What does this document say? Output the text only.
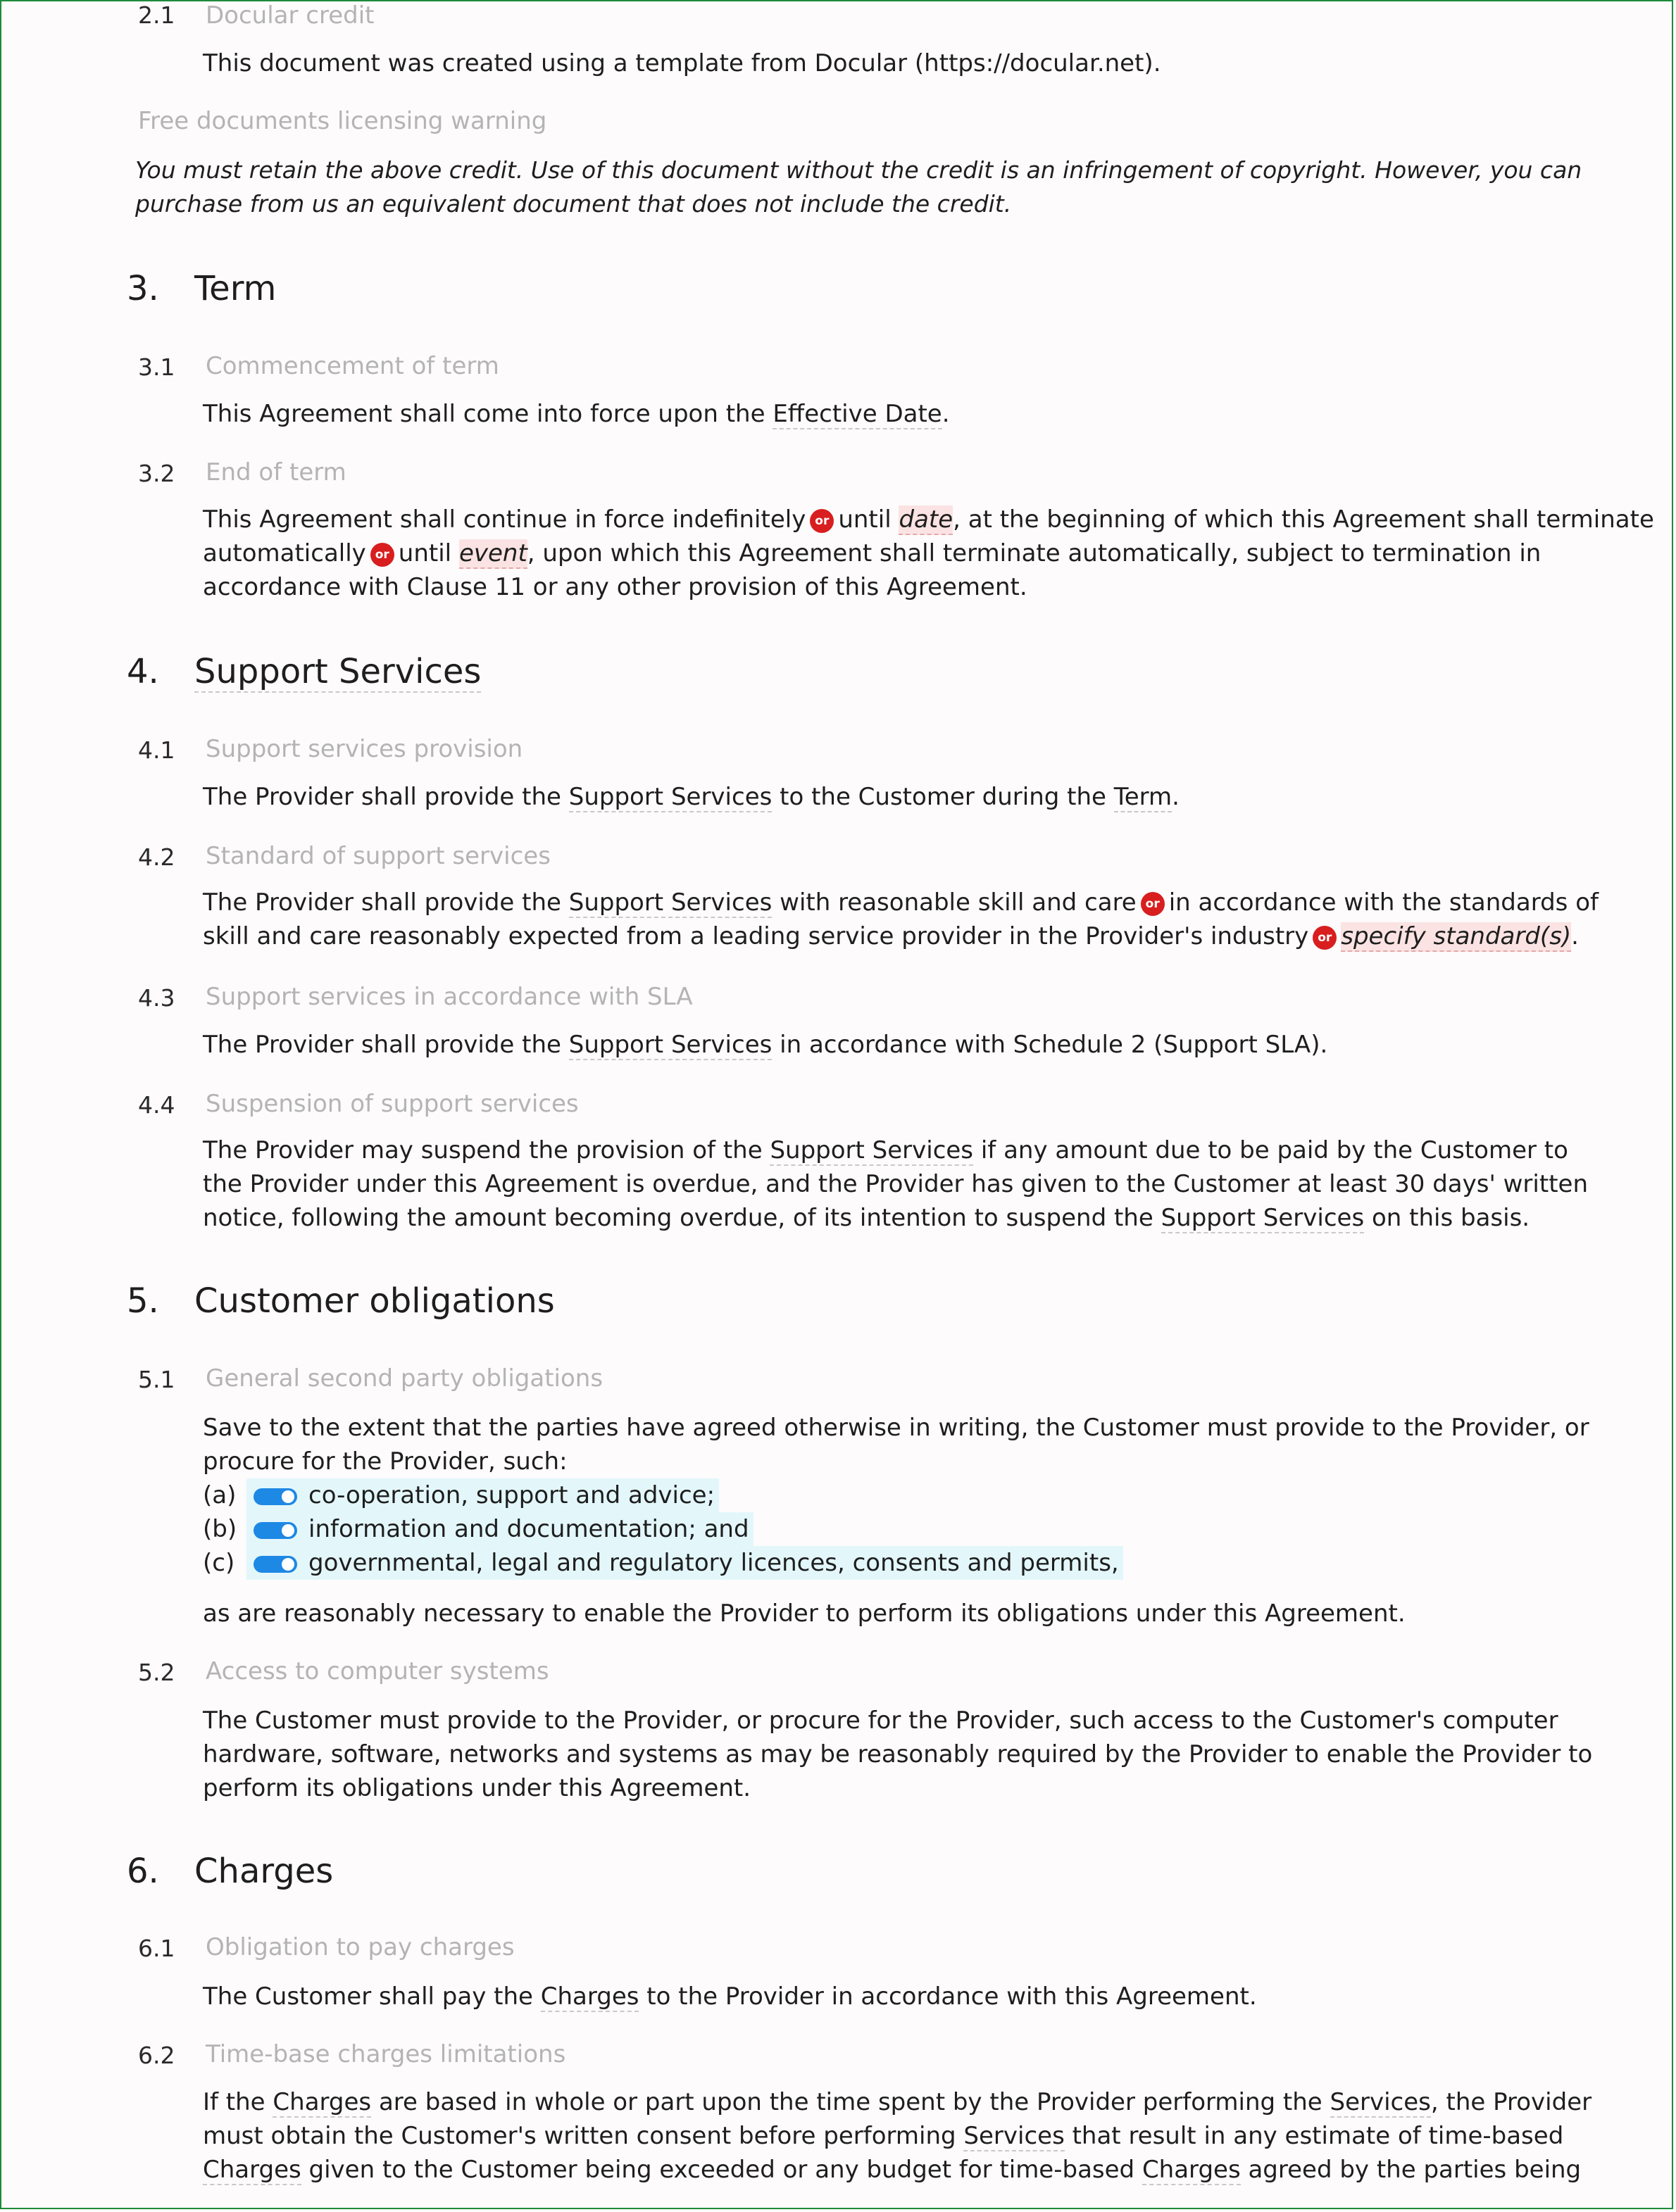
2.1 Docular credit
This document was created using a template from Docular (https://docular.net).
Free documents licensing warning
You must retain the above credit. Use of this document without the credit is an infringement of copyright. However, you can
purchase from us an equivalent document that does not include the credit.
3. Term
3.1 Commencement of term
This Agreement shall come into force upon the Effective Date.
3.2 End of term
This Agreement shall continue in force indefinitely or until date, at the beginning of which this Agreement shall terminate
automatically or until event, upon which this Agreement shall terminate automatically, subject to termination in
accordance with Clause 11 or any other provision of this Agreement.
4. Support Services
4.1 Support services provision
The Provider shall provide the Support Services to the Customer during the Term.
4.2 Standard of support services
The Provider shall provide the Support Services with reasonable skill and care or in accordance with the standards of
skill and care reasonably expected from a leading service provider in the Provider's industry or specify standard(s).
4.3 Support services in accordance with SLA
The Provider shall provide the Support Services in accordance with Schedule 2 (Support SLA).
4.4 Suspension of support services
The Provider may suspend the provision of the Support Services if any amount due to be paid by the Customer to
the Provider under this Agreement is overdue, and the Provider has given to the Customer at least 30 days' written
notice, following the amount becoming overdue, of its intention to suspend the Support Services on this basis.
5. Customer obligations
5.1 General second party obligations
Save to the extent that the parties have agreed otherwise in writing, the Customer must provide to the Provider, or
procure for the Provider, such:
(a)	co-operation, support and advice;
(b)	information and documentation; and
(c)	governmental, legal and regulatory licences, consents and permits,
as are reasonably necessary to enable the Provider to perform its obligations under this Agreement.
5.2 Access to computer systems
The Customer must provide to the Provider, or procure for the Provider, such access to the Customer's computer
hardware, software, networks and systems as may be reasonably required by the Provider to enable the Provider to
perform its obligations under this Agreement.
6. Charges
6.1 Obligation to pay charges
The Customer shall pay the Charges to the Provider in accordance with this Agreement.
6.2 Time-base charges limitations
If the Charges are based in whole or part upon the time spent by the Provider performing the Services, the Provider
must obtain the Customer's written consent before performing Services that result in any estimate of time-based
Charges given to the Customer being exceeded or any budget for time-based Charges agreed by the parties being
